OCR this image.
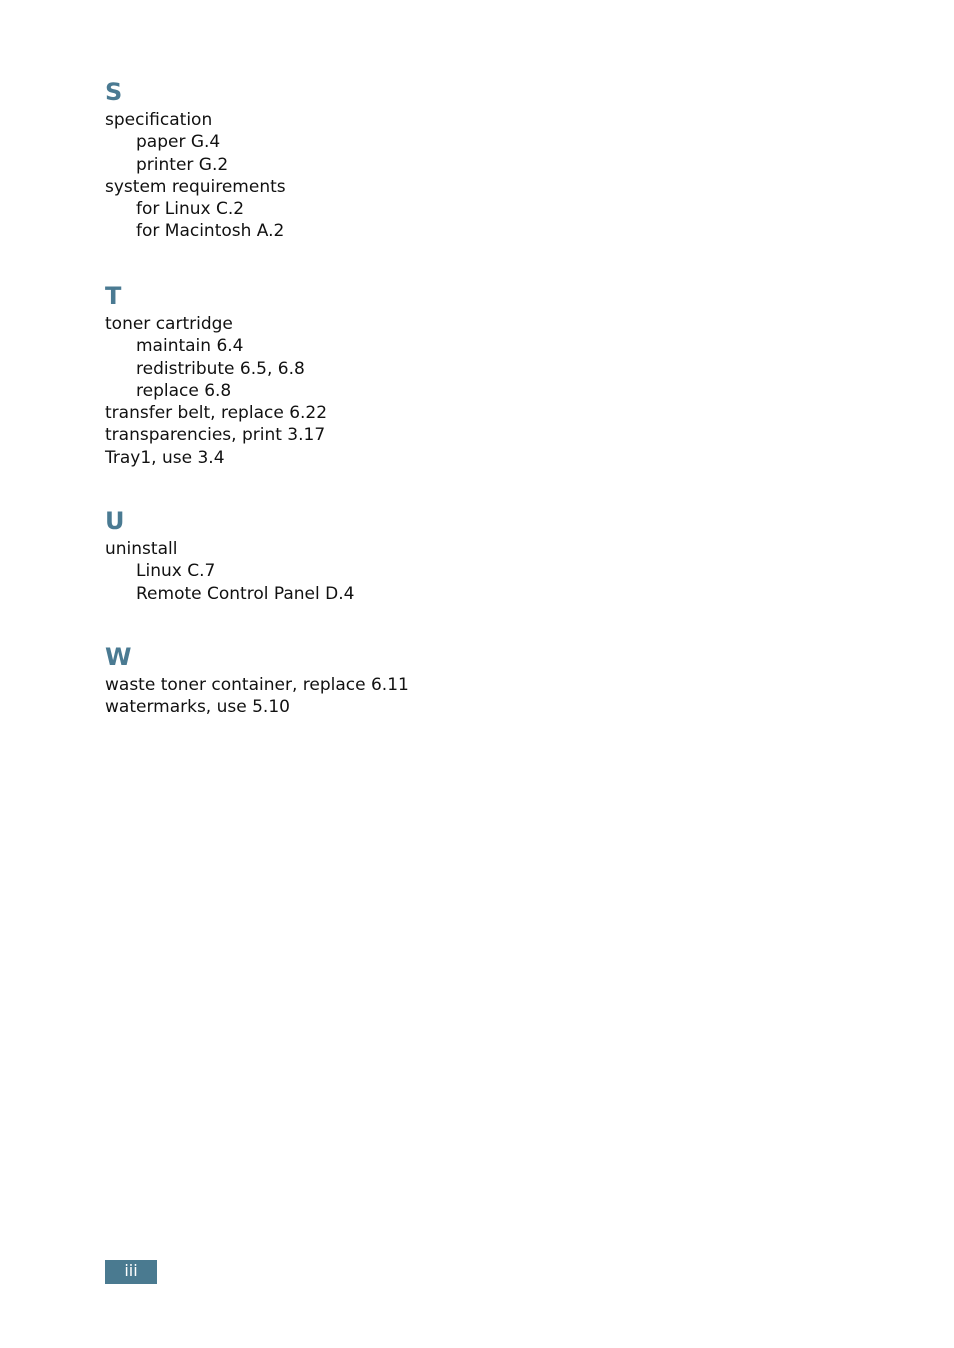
S
specification
paper G.4
printer G.2
system requirements
for Linux C.2
for Macintosh A.2
T
toner cartridge
maintain 6.4
redistribute 6.5, 6.8
replace 6.8
transfer belt, replace 6.22
transparencies, print 3.17
Tray1, use 3.4
U
uninstall
Linux C.7
Remote Control Panel D.4
W
waste toner container, replace 6.11
watermarks, use 5.10
iii
